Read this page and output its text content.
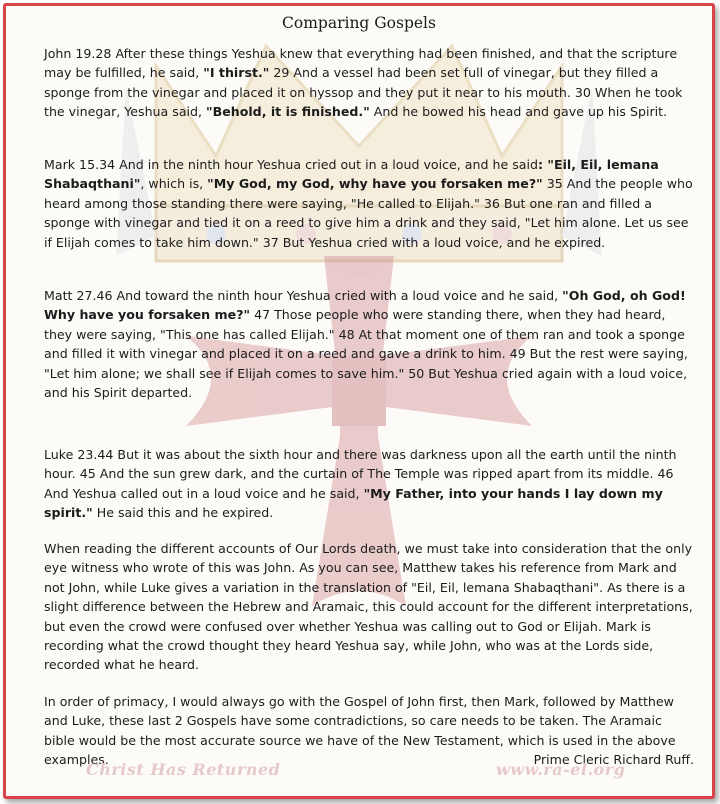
Comparing Gospels
John 19.28 After these things Yeshua knew that everything had been finished, and that the scripture may be fulfilled, he said, "I thirst." 29 And a vessel had been set full of vinegar, but they filled a sponge from the vinegar and placed it on hyssop and they put it near to his mouth. 30 When he took the vinegar, Yeshua said, "Behold, it is finished." And he bowed his head and gave up his Spirit.
Mark 15.34 And in the ninth hour Yeshua cried out in a loud voice, and he said: "Eil, Eil, lemana Shabaqthani", which is, "My God, my God, why have you forsaken me?" 35 And the people who heard among those standing there were saying, "He called to Elijah." 36 But one ran and filled a sponge with vinegar and tied it on a reed to give him a drink and they said, "Let him alone. Let us see if Elijah comes to take him down." 37 But Yeshua cried with a loud voice, and he expired.
Matt 27.46 And toward the ninth hour Yeshua cried with a loud voice and he said, "Oh God, oh God! Why have you forsaken me?" 47 Those people who were standing there, when they had heard, they were saying, "This one has called Elijah." 48 At that moment one of them ran and took a sponge and filled it with vinegar and placed it on a reed and gave a drink to him. 49 But the rest were saying, "Let him alone; we shall see if Elijah comes to save him." 50 But Yeshua cried again with a loud voice, and his Spirit departed.
Luke 23.44 But it was about the sixth hour and there was darkness upon all the earth until the ninth hour. 45 And the sun grew dark, and the curtain of The Temple was ripped apart from its middle. 46 And Yeshua called out in a loud voice and he said, "My Father, into your hands I lay down my spirit." He said this and he expired.
When reading the different accounts of Our Lords death, we must take into consideration that the only eye witness who wrote of this was John. As you can see, Matthew takes his reference from Mark and not John, while Luke gives a variation in the translation of "Eil, Eil, lemana Shabaqthani". As there is a slight difference between the Hebrew and Aramaic, this could account for the different interpretations, but even the crowd were confused over whether Yeshua was calling out to God or Elijah. Mark is recording what the crowd thought they heard Yeshua say, while John, who was at the Lords side, recorded what he heard.
In order of primacy, I would always go with the Gospel of John first, then Mark, followed by Matthew and Luke, these last 2 Gospels have some contradictions, so care needs to be taken. The Aramaic bible would be the most accurate source we have of the New Testament, which is used in the above examples.	Prime Cleric Richard Ruff.
Christ Has Returned	www.ra-el.org
